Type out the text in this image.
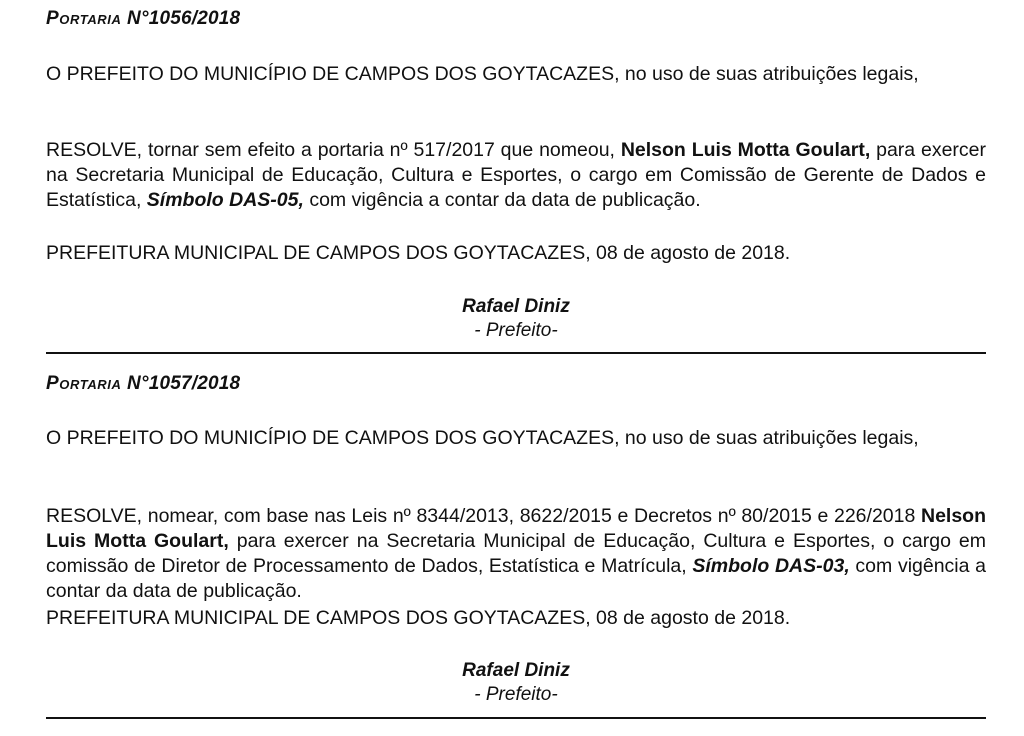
Portaria N°1056/2018

O PREFEITO DO MUNICÍPIO DE CAMPOS DOS GOYTACAZES, no uso de suas atribuições legais,

RESOLVE, tornar sem efeito a portaria nº 517/2017 que nomeou, Nelson Luis Motta Goulart, para exercer na Secretaria Municipal de Educação, Cultura e Esportes, o cargo em Comissão de Gerente de Dados e Estatística, Símbolo DAS-05, com vigência a contar da data de publicação.

PREFEITURA MUNICIPAL DE CAMPOS DOS GOYTACAZES, 08 de agosto de 2018.

Rafael Diniz
- Prefeito-

Portaria N°1057/2018

O PREFEITO DO MUNICÍPIO DE CAMPOS DOS GOYTACAZES, no uso de suas atribuições legais,

RESOLVE, nomear, com base nas Leis nº 8344/2013, 8622/2015 e Decretos nº 80/2015 e 226/2018 Nelson Luis Motta Goulart, para exercer na Secretaria Municipal de Educação, Cultura e Esportes, o cargo em comissão de Diretor de Processamento de Dados, Estatística e Matrícula, Símbolo DAS-03, com vigência a contar da data de publicação.

PREFEITURA MUNICIPAL DE CAMPOS DOS GOYTACAZES, 08 de agosto de 2018.

Rafael Diniz
- Prefeito-
